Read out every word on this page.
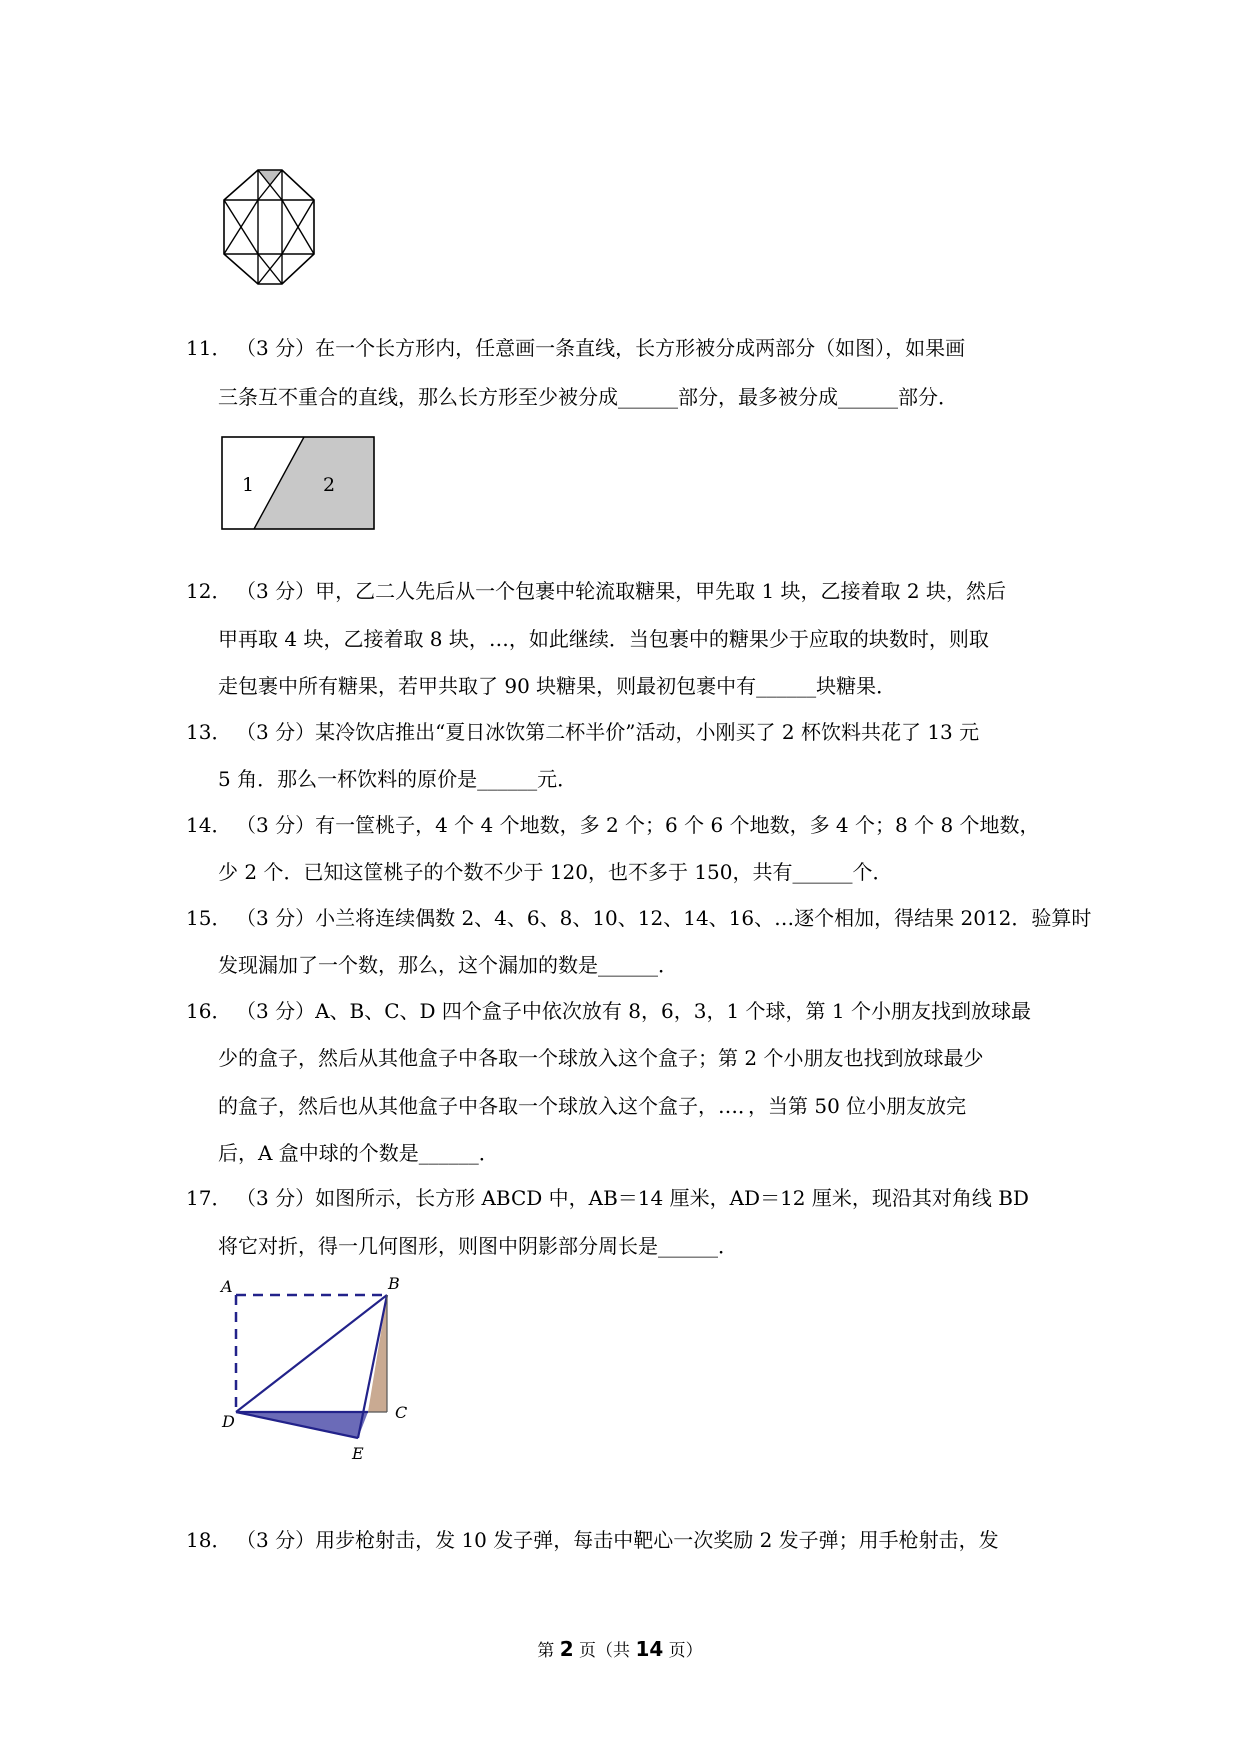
11． （3 分）在一个长方形内，任意画一条直线，长方形被分成两部分（如图），如果画
三条互不重合的直线，那么长方形至少被分成______部分，最多被分成______部分．
1	2
12． （3 分）甲，乙二人先后从一个包裹中轮流取糖果，甲先取 1 块，乙接着取 2 块，然后
甲再取 4 块，乙接着取 8 块，…，如此继续．当包裹中的糖果少于应取的块数时，则取
走包裹中所有糖果，若甲共取了 90 块糖果，则最初包裹中有______块糖果．
13． （3 分）某冷饮店推出“夏日冰饮第二杯半价”活动，小刚买了 2 杯饮料共花了 13 元
5 角．那么一杯饮料的原价是______元．
14． （3 分）有一筐桃子，4 个 4 个地数，多 2 个；6 个 6 个地数，多 4 个；8 个 8 个地数，
少 2 个．已知这筐桃子的个数不少于 120，也不多于 150，共有______个．
15． （3 分）小兰将连续偶数 2、4、6、8、10、12、14、16、…逐个相加，得结果 2012．验算时
发现漏加了一个数，那么，这个漏加的数是______．
16． （3 分）A、B、C、D 四个盒子中依次放有 8，6，3，1 个球，第 1 个小朋友找到放球最
少的盒子，然后从其他盒子中各取一个球放入这个盒子；第 2 个小朋友也找到放球最少
的盒子，然后也从其他盒子中各取一个球放入这个盒子，…．，当第 50 位小朋友放完
后，A 盒中球的个数是______．
17． （3 分）如图所示，长方形 ABCD 中，AB＝14 厘米，AD＝12 厘米，现沿其对角线 BD
将它对折，得一几何图形，则图中阴影部分周长是______．
A	B
C
D
E
18． （3 分）用步枪射击，发 10 发子弹，每击中靶心一次奖励 2 发子弹；用手枪射击，发
第 2 页（共 14 页）
